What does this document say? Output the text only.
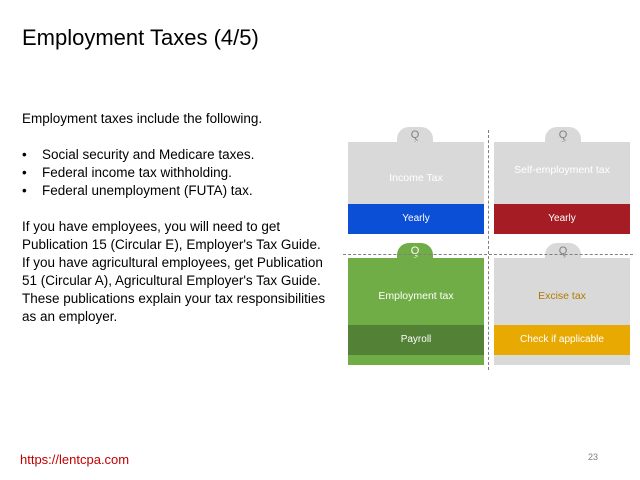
Employment Taxes (4/5)

Employment taxes include the following.

• Social security and Medicare taxes.
• Federal income tax withholding.
• Federal unemployment (FUTA) tax.

If you have employees, you will need to get Publication 15 (Circular E), Employer's Tax Guide. If you have agricultural employees, get Publication 51 (Circular A), Agricultural Employer's Tax Guide. These publications explain your tax responsibilities as an employer.

Q
Income Tax
Yearly
Q
Self-employment tax
Yearly
Q
Employment tax
Payroll
Q
Excise tax
Check if applicable
https://lentcpa.com	23
